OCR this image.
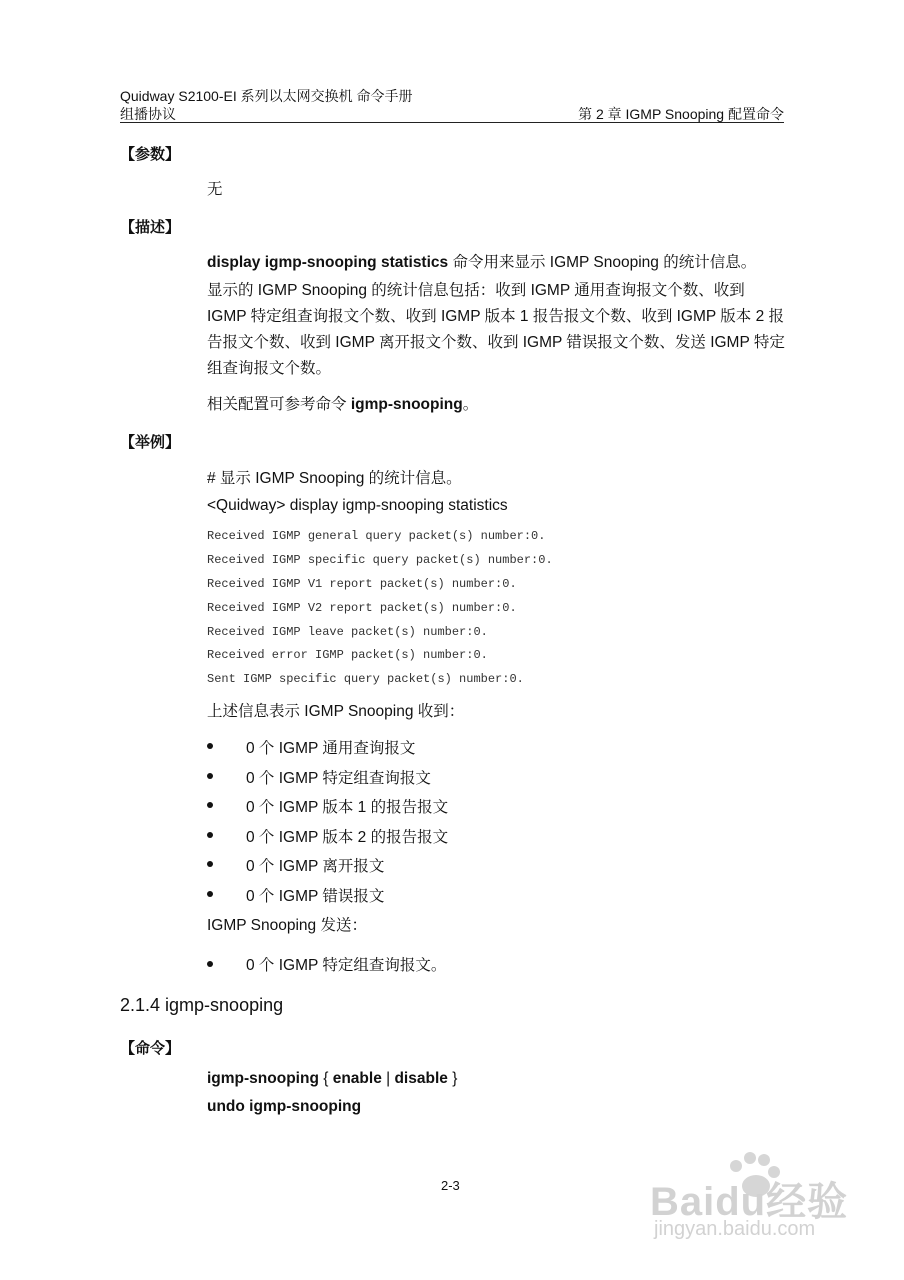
Quidway S2100-EI 系列以太网交换机 命令手册
组播协议	第 2 章 IGMP Snooping 配置命令
【参数】
无
【描述】
display igmp-snooping statistics 命令用来显示 IGMP Snooping 的统计信息。
显示的 IGMP Snooping 的统计信息包括：收到 IGMP 通用查询报文个数、收到 IGMP 特定组查询报文个数、收到 IGMP 版本 1 报告报文个数、收到 IGMP 版本 2 报告报文个数、收到 IGMP 离开报文个数、收到 IGMP 错误报文个数、发送 IGMP 特定组查询报文个数。
相关配置可参考命令 igmp-snooping。
【举例】
# 显示 IGMP Snooping 的统计信息。
<Quidway> display igmp-snooping statistics
Received IGMP general query packet(s) number:0.
Received IGMP specific query packet(s) number:0.
Received IGMP V1 report packet(s) number:0.
Received IGMP V2 report packet(s) number:0.
Received IGMP leave packet(s) number:0.
Received error IGMP packet(s) number:0.
Sent IGMP specific query packet(s) number:0.
上述信息表示 IGMP Snooping 收到：
0 个 IGMP 通用查询报文
0 个 IGMP 特定组查询报文
0 个 IGMP 版本 1 的报告报文
0 个 IGMP 版本 2 的报告报文
0 个 IGMP 离开报文
0 个 IGMP 错误报文
IGMP Snooping 发送：
0 个 IGMP 特定组查询报文。
2.1.4 igmp-snooping
【命令】
igmp-snooping { enable | disable }
undo igmp-snooping
2-3	Baidu经验
jingyan.baidu.com
